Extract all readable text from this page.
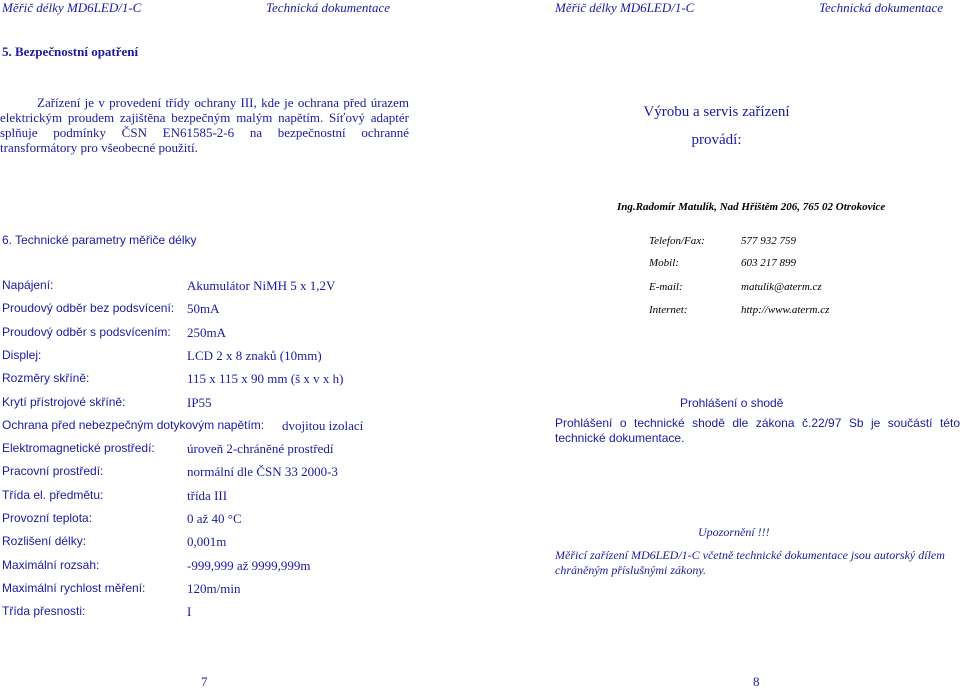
Měřič délky MD6LED/1-C	Technická dokumentace	Měřič délky MD6LED/1-C	Technická dokumentace
5. Bezpečnostní opatření
Zařízení je v provedení třídy ochrany III, kde je ochrana před úrazem elektrickým proudem zajištěna bezpečným malým napětím. Síťový adaptér splňuje podmínky ČSN EN61585-2-6 na bezpečnostní ochranné transformátory pro všeobecné použití.
Výrobu a servis zařízení
provádí:
Ing.Radomír Matulík, Nad Hřištěm 206, 765 02 Otrokovice
6. Technické parametry měřiče délky	Telefon/Fax:	577 932 759
Mobil:	603 217 899
E-mail:	matulik@aterm.cz
Internet:	http://www.aterm.cz
Napájení:	Akumulátor NiMH 5 x 1,2V
Proudový odběr bez podsvícení: 50mA
Proudový odběr s podsvícením: 250mA
Displej:	LCD 2 x 8 znaků (10mm)
Rozměry skříně:	115 x 115 x 90 mm (š x v x h)
Krytí přístrojové skříně:	IP55
Ochrana před nebezpečným dotykovým napětím: dvojitou izolací
Elektromagnetické prostředí: úroveň 2-chráněné prostředí
Pracovní prostředí:	normální dle ČSN 33 2000-3
Třída el. předmětu:	třída III
Provozní teplota:	0 až 40 °C
Rozlišení délky:	0,001m
Maximální rozsah:	-999,999 až 9999,999m
Maximální rychlost měření:	120m/min
Třída přesnosti:	I
Prohlášení o shodě
Prohlášení o technické shodě dle zákona č.22/97 Sb je součástí této technické dokumentace.
Upozornění !!!
Měřicí zařízení MD6LED/1-C včetně technické dokumentace jsou autorský dílem chráněným příslušnými zákony.
7	8
